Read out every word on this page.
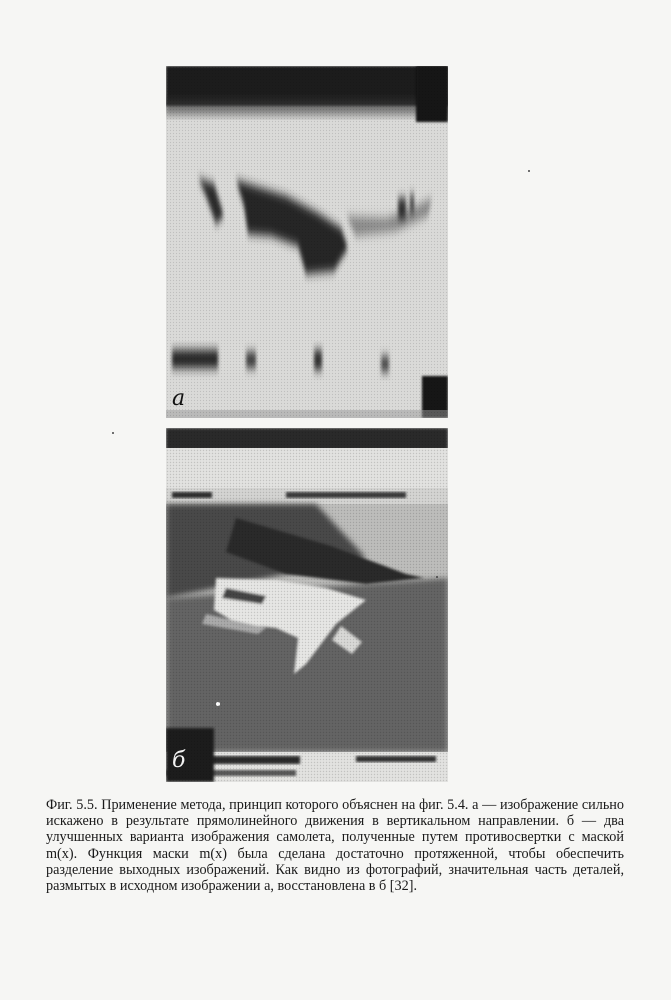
а
б

Фиг. 5.5. Применение метода, принцип которого объяснен на фиг. 5.4. а — изображение сильно искажено в результате прямолинейного движения в вертикальном направлении. б — два улучшенных варианта изображения самолета, полученные путем противосвертки с маской m(x). Функция маски m(x) была сделана достаточно протяженной, чтобы обеспечить разделение выходных изображений. Как видно из фотографий, значительная часть деталей, размытых в исходном изображении а, восстановлена в б [32].
